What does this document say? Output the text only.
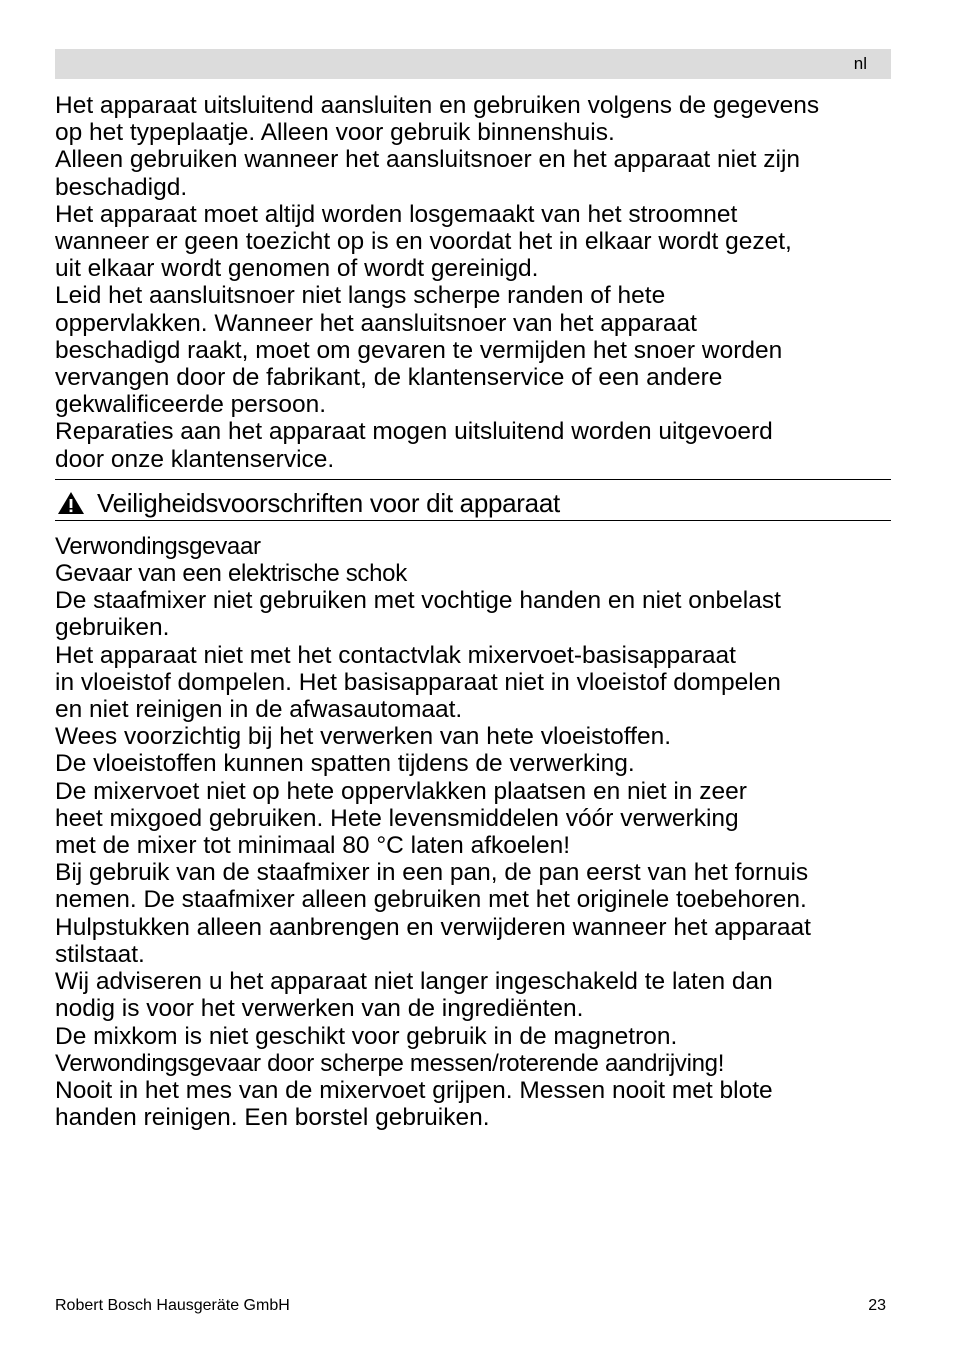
nl

Het apparaat uitsluitend aansluiten en gebruiken volgens de gegevens
op het typeplaatje. Alleen voor gebruik binnenshuis.

Alleen gebruiken wanneer het aansluitsnoer en het apparaat niet zijn
beschadigd.

Het apparaat moet altijd worden losgemaakt van het stroomnet
wanneer er geen toezicht op is en voordat het in elkaar wordt gezet,
uit elkaar wordt genomen of wordt gereinigd.

Leid het aansluitsnoer niet langs scherpe randen of hete
oppervlakken. Wanneer het aansluitsnoer van het apparaat
beschadigd raakt, moet om gevaren te vermijden het snoer worden
vervangen door de fabrikant, de klantenservice of een andere
gekwalificeerde persoon.

Reparaties aan het apparaat mogen uitsluitend worden uitgevoerd
door onze klantenservice.

Veiligheidsvoorschriften voor dit apparaat

Verwondingsgevaar

Gevaar van een elektrische schok

De staafmixer niet gebruiken met vochtige handen en niet onbelast
gebruiken.

Het apparaat niet met het contactvlak mixervoet-basisapparaat
in vloeistof dompelen. Het basisapparaat niet in vloeistof dompelen
en niet reinigen in de afwasautomaat.

Wees voorzichtig bij het verwerken van hete vloeistoffen.
De vloeistoffen kunnen spatten tijdens de verwerking.

De mixervoet niet op hete oppervlakken plaatsen en niet in zeer
heet mixgoed gebruiken. Hete levensmiddelen vóór verwerking
met de mixer tot minimaal 80 °C laten afkoelen!

Bij gebruik van de staafmixer in een pan, de pan eerst van het fornuis
nemen. De staafmixer alleen gebruiken met het originele toebehoren.

Hulpstukken alleen aanbrengen en verwijderen wanneer het apparaat
stilstaat.

Wij adviseren u het apparaat niet langer ingeschakeld te laten dan
nodig is voor het verwerken van de ingrediënten.

De mixkom is niet geschikt voor gebruik in de magnetron.

Verwondingsgevaar door scherpe messen/roterende aandrijving!

Nooit in het mes van de mixervoet grijpen. Messen nooit met blote
handen reinigen. Een borstel gebruiken.

Robert Bosch Hausgeräte GmbH	23
